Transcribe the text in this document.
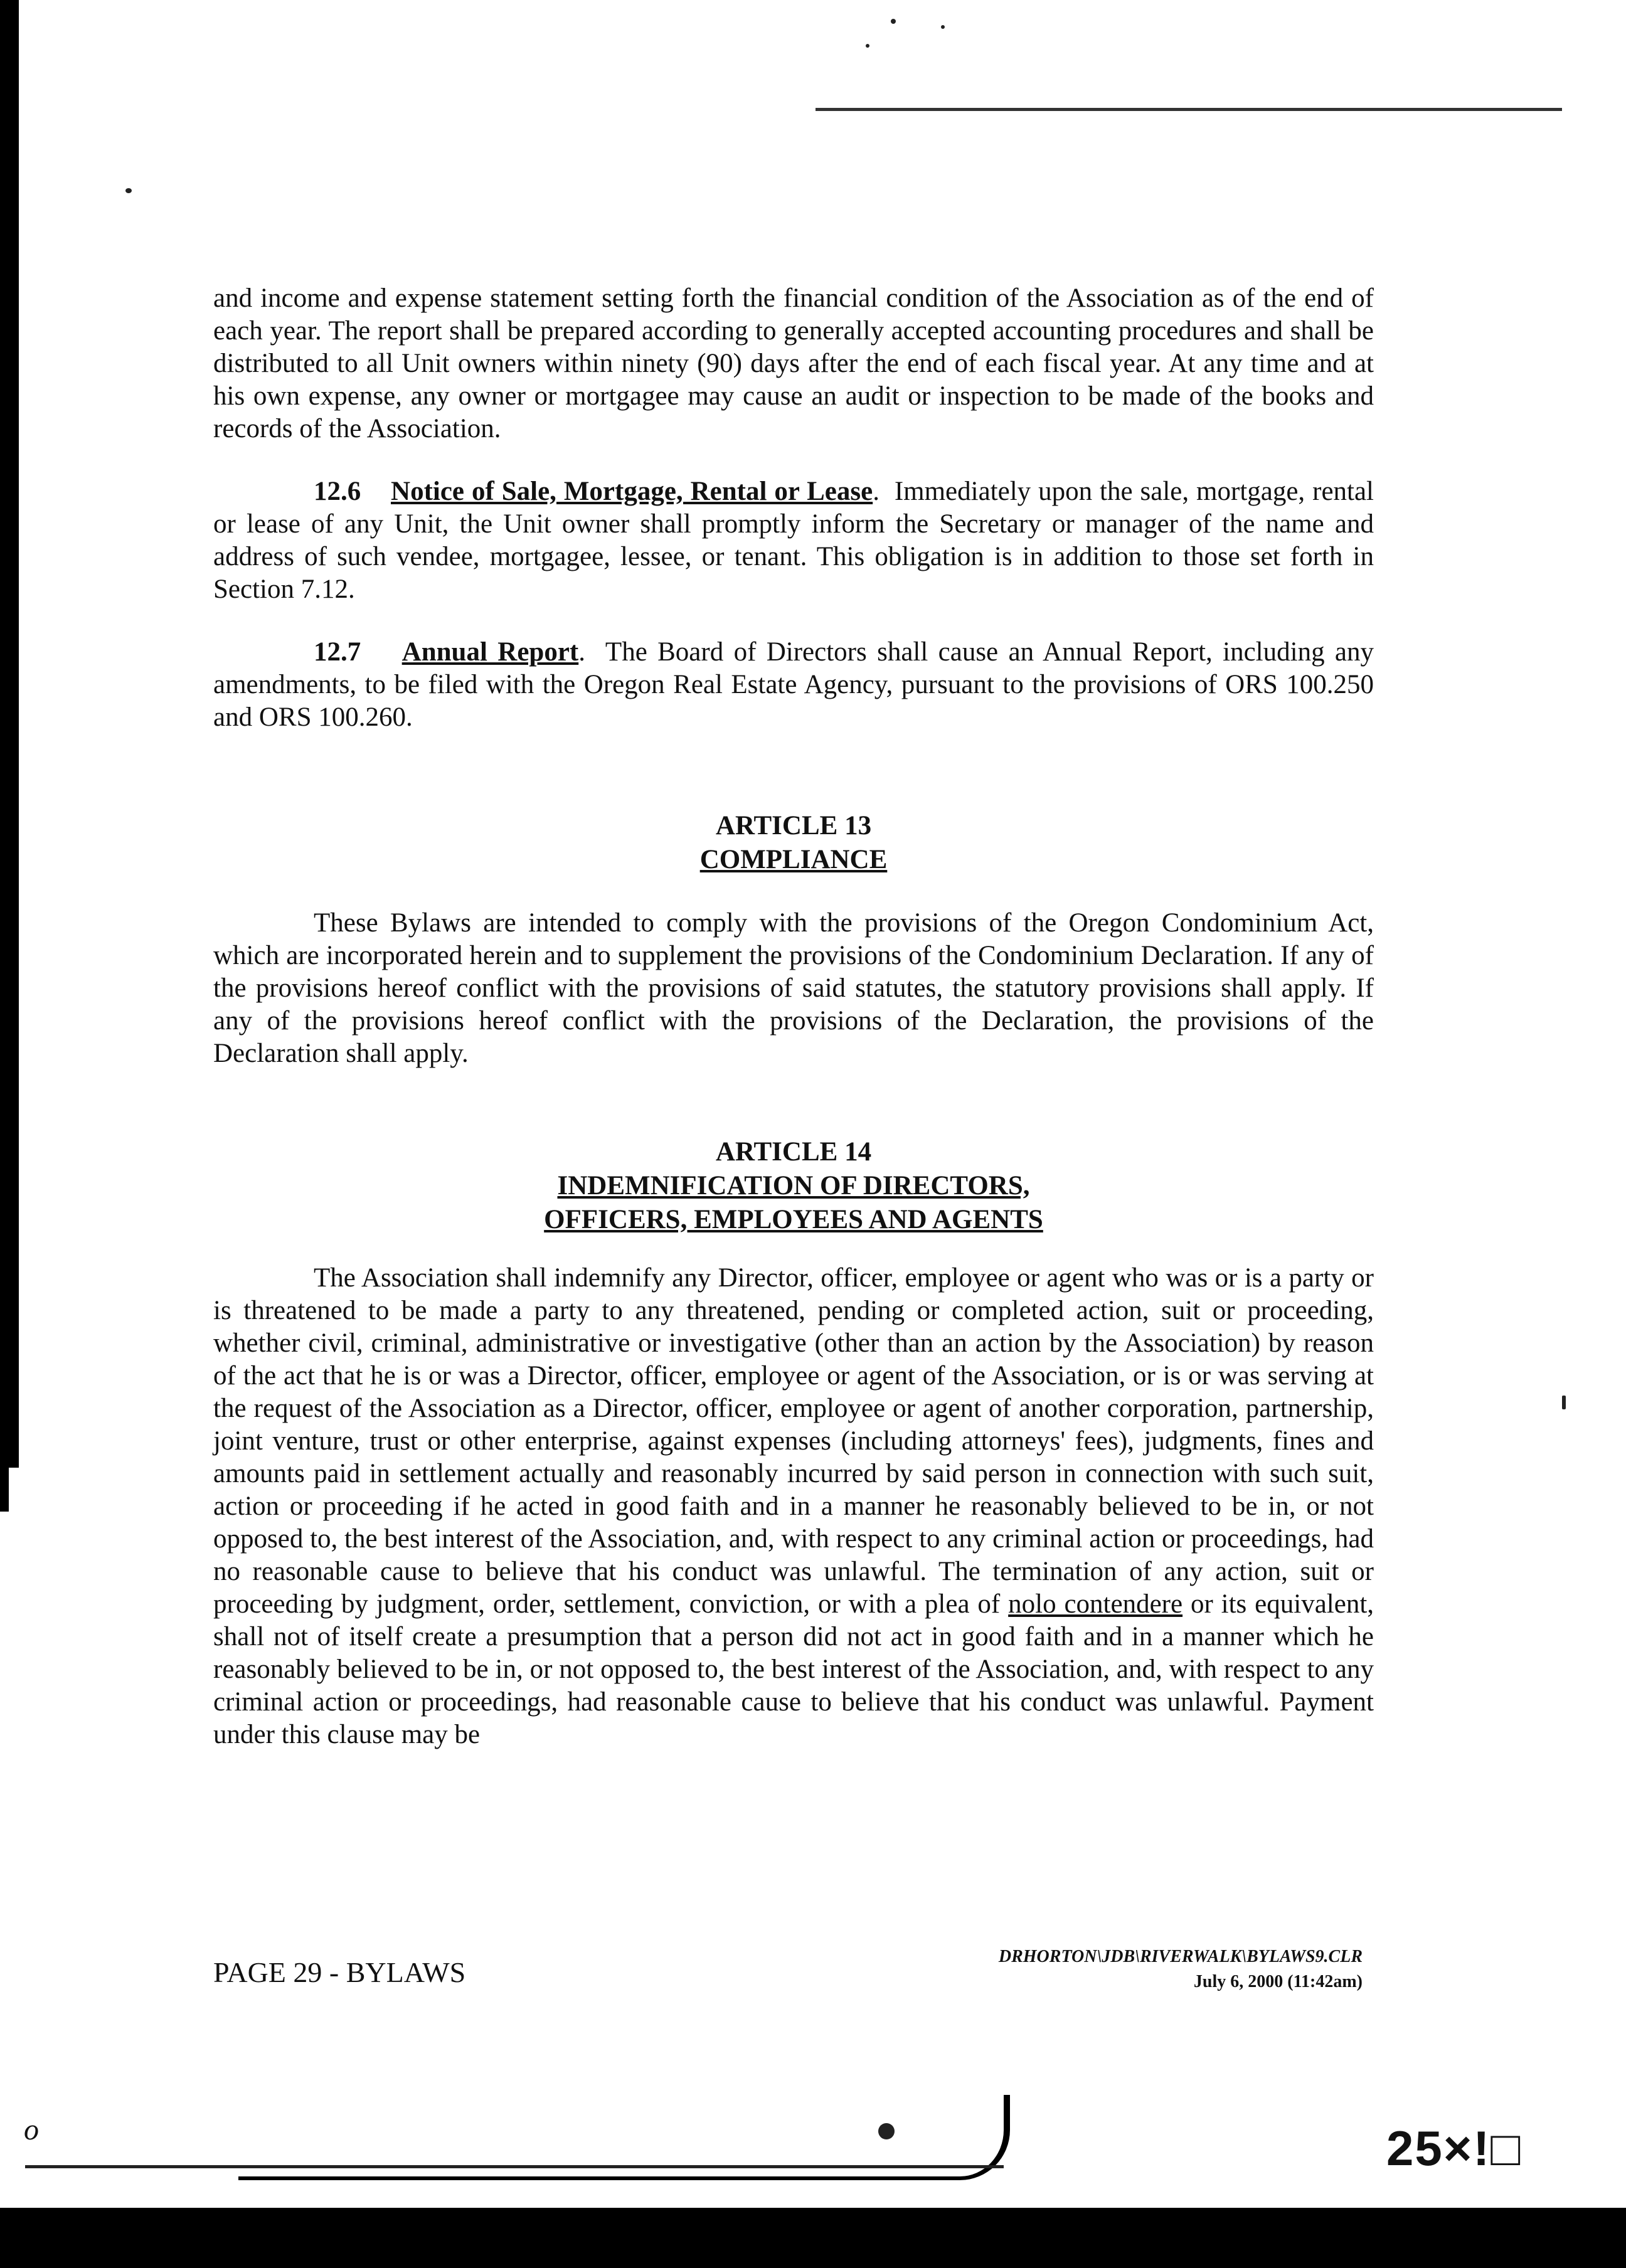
and income and expense statement setting forth the financial condition of the Association as of the end of each year. The report shall be prepared according to generally accepted accounting procedures and shall be distributed to all Unit owners within ninety (90) days after the end of each fiscal year. At any time and at his own expense, any owner or mortgagee may cause an audit or inspection to be made of the books and records of the Association.

12.6 Notice of Sale, Mortgage, Rental or Lease.  Immediately upon the sale, mortgage, rental or lease of any Unit, the Unit owner shall promptly inform the Secretary or manager of the name and address of such vendee, mortgagee, lessee, or tenant. This obligation is in addition to those set forth in Section 7.12.

12.7 Annual Report.  The Board of Directors shall cause an Annual Report, including any amendments, to be filed with the Oregon Real Estate Agency, pursuant to the provisions of ORS 100.250 and ORS 100.260.

ARTICLE 13
COMPLIANCE

These Bylaws are intended to comply with the provisions of the Oregon Condominium Act, which are incorporated herein and to supplement the provisions of the Condominium Declaration. If any of the provisions hereof conflict with the provisions of said statutes, the statutory provisions shall apply. If any of the provisions hereof conflict with the provisions of the Declaration, the provisions of the Declaration shall apply.

ARTICLE 14
INDEMNIFICATION OF DIRECTORS,
OFFICERS, EMPLOYEES AND AGENTS

The Association shall indemnify any Director, officer, employee or agent who was or is a party or is threatened to be made a party to any threatened, pending or completed action, suit or proceeding, whether civil, criminal, administrative or investigative (other than an action by the Association) by reason of the act that he is or was a Director, officer, employee or agent of the Association, or is or was serving at the request of the Association as a Director, officer, employee or agent of another corporation, partnership, joint venture, trust or other enterprise, against expenses (including attorneys' fees), judgments, fines and amounts paid in settlement actually and reasonably incurred by said person in connection with such suit, action or proceeding if he acted in good faith and in a manner he reasonably believed to be in, or not opposed to, the best interest of the Association, and, with respect to any criminal action or proceedings, had no reasonable cause to believe that his conduct was unlawful. The termination of any action, suit or proceeding by judgment, order, settlement, conviction, or with a plea of nolo contendere or its equivalent, shall not of itself create a presumption that a person did not act in good faith and in a manner which he reasonably believed to be in, or not opposed to, the best interest of the Association, and, with respect to any criminal action or proceedings, had reasonable cause to believe that his conduct was unlawful. Payment under this clause may be

PAGE 29 - BYLAWS	DRHORTON\JDB\RIVERWALK\BYLAWS9.CLR
July 6, 2000 (11:42am)
o	25×!□
